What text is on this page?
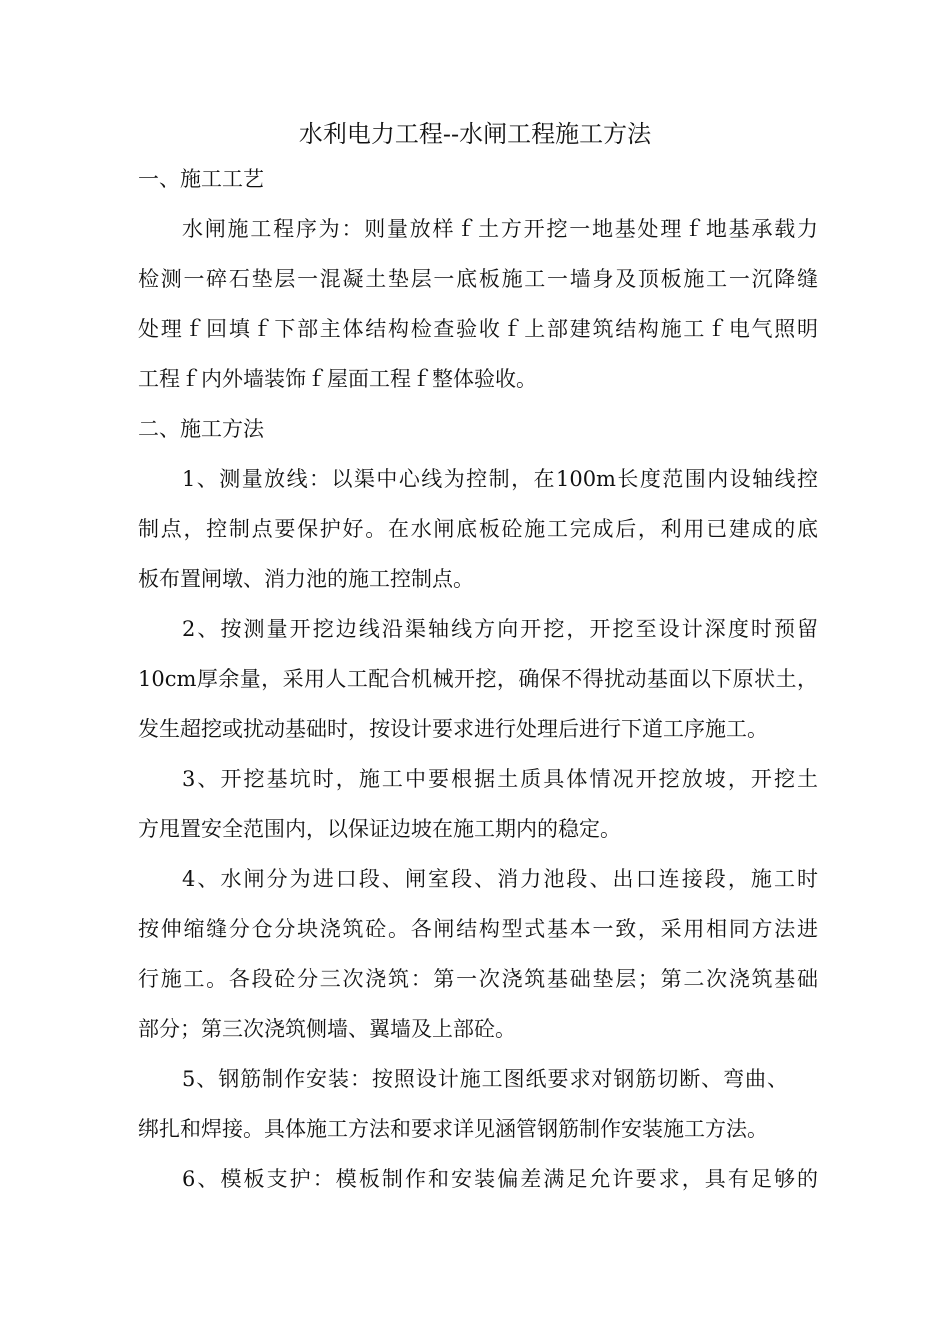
水利电力工程--水闸工程施工方法
一、施工工艺
水闸施工程序为：则量放样ｆ土方开挖一地基处理ｆ地基承载力
检测一碎石垫层一混凝土垫层一底板施工一墙身及顶板施工一沉降缝
处理ｆ回填ｆ下部主体结构检查验收ｆ上部建筑结构施工ｆ电气照明
工程ｆ内外墙装饰ｆ屋面工程ｆ整体验收。
二、施工方法
1、测量放线：以渠中心线为控制，在100m长度范围内设轴线控
制点，控制点要保护好。在水闸底板砼施工完成后，利用已建成的底
板布置闸墩、消力池的施工控制点。
2、按测量开挖边线沿渠轴线方向开挖，开挖至设计深度时预留
10cm厚余量，采用人工配合机械开挖，确保不得扰动基面以下原状土，
发生超挖或扰动基础时，按设计要求进行处理后进行下道工序施工。
3、开挖基坑时，施工中要根据土质具体情况开挖放坡，开挖土
方甩置安全范围内，以保证边坡在施工期内的稳定。
4、水闸分为进口段、闸室段、消力池段、出口连接段，施工时
按伸缩缝分仓分块浇筑砼。各闸结构型式基本一致，采用相同方法进
行施工。各段砼分三次浇筑：第一次浇筑基础垫层；第二次浇筑基础
部分；第三次浇筑侧墙、翼墙及上部砼。
5、钢筋制作安装：按照设计施工图纸要求对钢筋切断、弯曲、
绑扎和焊接。具体施工方法和要求详见涵管钢筋制作安装施工方法。
6、模板支护：模板制作和安装偏差满足允许要求，具有足够的
